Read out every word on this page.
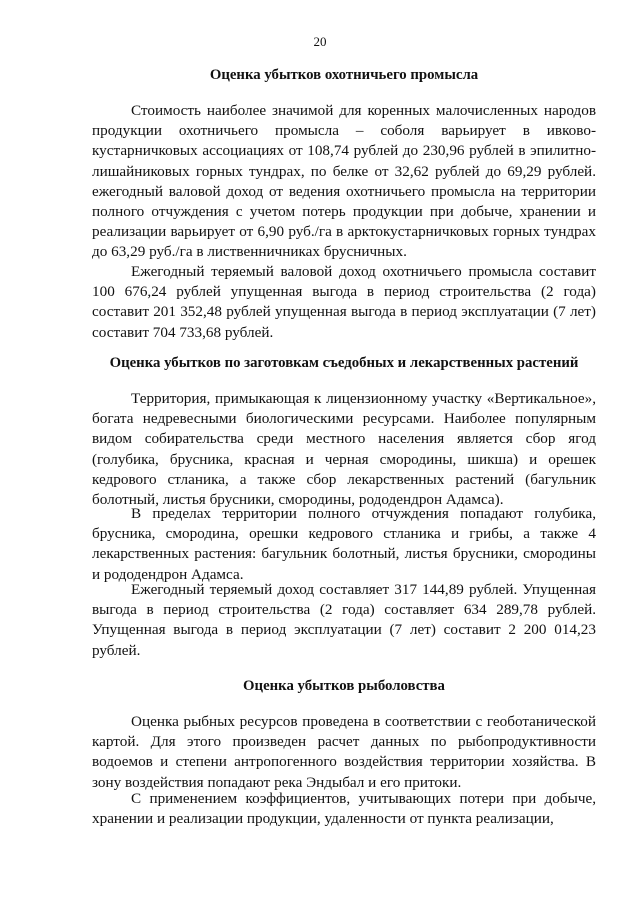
20
Оценка убытков охотничьего промысла
Стоимость наиболее значимой для коренных малочисленных народов продукции охотничьего промысла – соболя варьирует в ивково-кустарничковых ассоциациях от 108,74 рублей до 230,96 рублей в эпилитно-лишайниковых горных тундрах, по белке от 32,62 рублей до 69,29 рублей. ежегодный валовой доход от ведения охотничьего промысла на территории полного отчуждения с учетом потерь продукции при добыче, хранении и реализации варьирует от 6,90 руб./га в арктокустарничковых горных тундрах до 63,29 руб./га в лиственничниках брусничных.
Ежегодный теряемый валовой доход охотничьего промысла составит 100 676,24 рублей упущенная выгода в период строительства (2 года) составит 201 352,48 рублей упущенная выгода в период эксплуатации (7 лет) составит 704 733,68 рублей.
Оценка убытков по заготовкам съедобных и лекарственных растений
Территория, примыкающая к лицензионному участку «Вертикальное», богата недревесными биологическими ресурсами. Наиболее популярным видом собирательства среди местного населения является сбор ягод (голубика, брусника, красная и черная смородины, шикша) и орешек кедрового стланика, а также сбор лекарственных растений (багульник болотный, листья брусники, смородины, рододендрон Адамса).
В пределах территории полного отчуждения попадают голубика, брусника, смородина, орешки кедрового стланика и грибы, а также 4 лекарственных растения: багульник болотный, листья брусники, смородины и рододендрон Адамса.
Ежегодный теряемый доход составляет 317 144,89 рублей. Упущенная выгода в период строительства (2 года) составляет 634 289,78 рублей. Упущенная выгода в период эксплуатации (7 лет) составит 2 200 014,23 рублей.
Оценка убытков рыболовства
Оценка рыбных ресурсов проведена в соответствии с геоботанической картой. Для этого произведен расчет данных по рыбопродуктивности водоемов и степени антропогенного воздействия территории хозяйства. В зону воздействия попадают река Эндыбал и его притоки.
С применением коэффициентов, учитывающих потери при добыче, хранении и реализации продукции, удаленности от пункта реализации,
